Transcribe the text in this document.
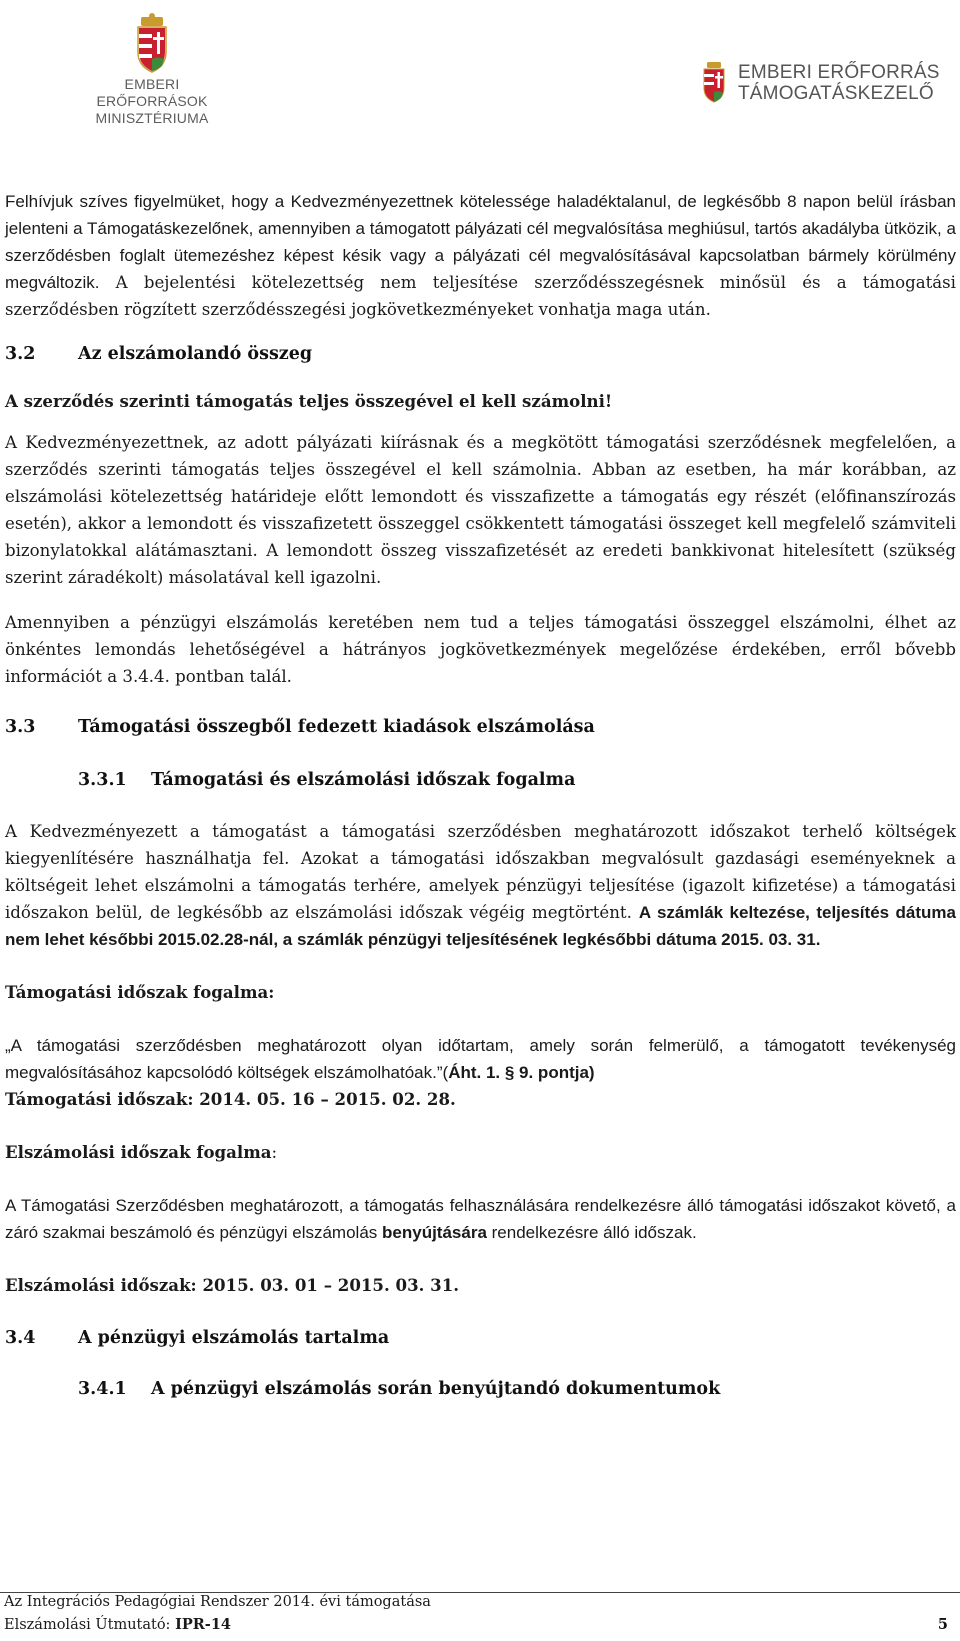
EMBERI ERŐFORRÁSOK
MINISZTÉRIUMA
EMBERI ERŐFORRÁS
TÁMOGATÁSKEZELŐ

Felhívjuk szíves figyelmüket, hogy a Kedvezményezettnek kötelessége haladéktalanul, de legkésőbb 8 napon belül írásban jelenteni a Támogatáskezelőnek, amennyiben a támogatott pályázati cél megvalósítása meghiúsul, tartós akadályba ütközik, a szerződésben foglalt ütemezéshez képest késik vagy a pályázati cél megvalósításával kapcsolatban bármely körülmény megváltozik. A bejelentési kötelezettség nem teljesítése szerződésszegésnek minősül és a támogatási szerződésben rögzített szerződésszegési jogkövetkezményeket vonhatja maga után.

3.2	Az elszámolandó összeg

A szerződés szerinti támogatás teljes összegével el kell számolni!

A Kedvezményezettnek, az adott pályázati kiírásnak és a megkötött támogatási szerződésnek megfelelően, a szerződés szerinti támogatás teljes összegével el kell számolnia. Abban az esetben, ha már korábban, az elszámolási kötelezettség határideje előtt lemondott és visszafizette a támogatás egy részét (előfinanszírozás esetén), akkor a lemondott és visszafizetett összeggel csökkentett támogatási összeget kell megfelelő számviteli bizonylatokkal alátámasztani. A lemondott összeg visszafizetését az eredeti bankkivonat hitelesített (szükség szerint záradékolt) másolatával kell igazolni.

Amennyiben a pénzügyi elszámolás keretében nem tud a teljes támogatási összeggel elszámolni, élhet az önkéntes lemondás lehetőségével a hátrányos jogkövetkezmények megelőzése érdekében, erről bővebb információt a 3.4.4. pontban talál.

3.3	Támogatási összegből fedezett kiadások elszámolása
3.3.1	Támogatási és elszámolási időszak fogalma

A Kedvezményezett a támogatást a támogatási szerződésben meghatározott időszakot terhelő költségek kiegyenlítésére használhatja fel. Azokat a támogatási időszakban megvalósult gazdasági eseményeknek a költségeit lehet elszámolni a támogatás terhére, amelyek pénzügyi teljesítése (igazolt kifizetése) a támogatási időszakon belül, de legkésőbb az elszámolási időszak végéig megtörtént. A számlák keltezése, teljesítés dátuma nem lehet későbbi 2015.02.28-nál, a számlák pénzügyi teljesítésének legkésőbbi dátuma 2015. 03. 31.

Támogatási időszak fogalma:

„A támogatási szerződésben meghatározott olyan időtartam, amely során felmerülő, a támogatott tevékenység megvalósításához kapcsolódó költségek elszámolhatóak.”(Áht. 1. § 9. pontja)

Támogatási időszak: 2014. 05. 16 – 2015. 02. 28.

Elszámolási időszak fogalma:

A Támogatási Szerződésben meghatározott, a támogatás felhasználására rendelkezésre álló támogatási időszakot követő, a záró szakmai beszámoló és pénzügyi elszámolás benyújtására rendelkezésre álló időszak.

Elszámolási időszak: 2015. 03. 01 – 2015. 03. 31.

3.4	A pénzügyi elszámolás tartalma
3.4.1	A pénzügyi elszámolás során benyújtandó dokumentumok
Az Integrációs Pedagógiai Rendszer 2014. évi támogatása
Elszámolási Útmutató: IPR-14	5
